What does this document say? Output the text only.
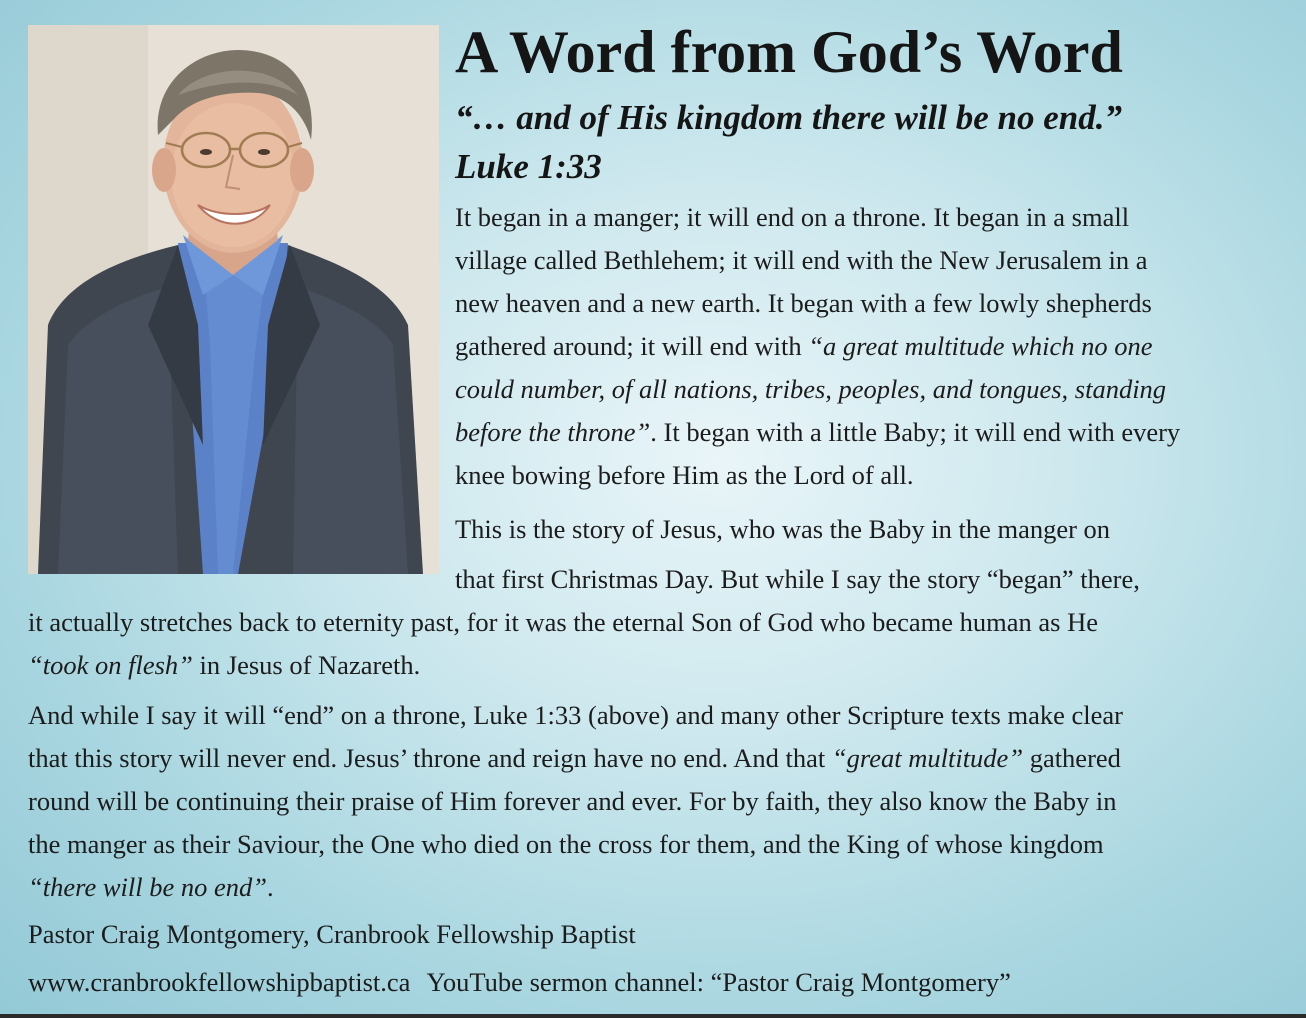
A Word from God’s Word
“… and of His kingdom there will be no end.”
Luke 1:33
It began in a manger; it will end on a throne. It began in a small
village called Bethlehem; it will end with the New Jerusalem in a
new heaven and a new earth. It began with a few lowly shepherds
gathered around; it will end with “a great multitude which no one
could number, of all nations, tribes, peoples, and tongues, standing
before the throne”. It began with a little Baby; it will end with every
knee bowing before Him as the Lord of all.
This is the story of Jesus, who was the Baby in the manger on
that first Christmas Day. But while I say the story “began” there,
it actually stretches back to eternity past, for it was the eternal Son of God who became human as He
“took on flesh” in Jesus of Nazareth.
And while I say it will “end” on a throne, Luke 1:33 (above) and many other Scripture texts make clear
that this story will never end. Jesus’ throne and reign have no end. And that “great multitude” gathered
round will be continuing their praise of Him forever and ever. For by faith, they also know the Baby in
the manger as their Saviour, the One who died on the cross for them, and the King of whose kingdom
“there will be no end”.
Pastor Craig Montgomery, Cranbrook Fellowship Baptist
www.cranbrookfellowshipbaptist.ca YouTube sermon channel: “Pastor Craig Montgomery”
